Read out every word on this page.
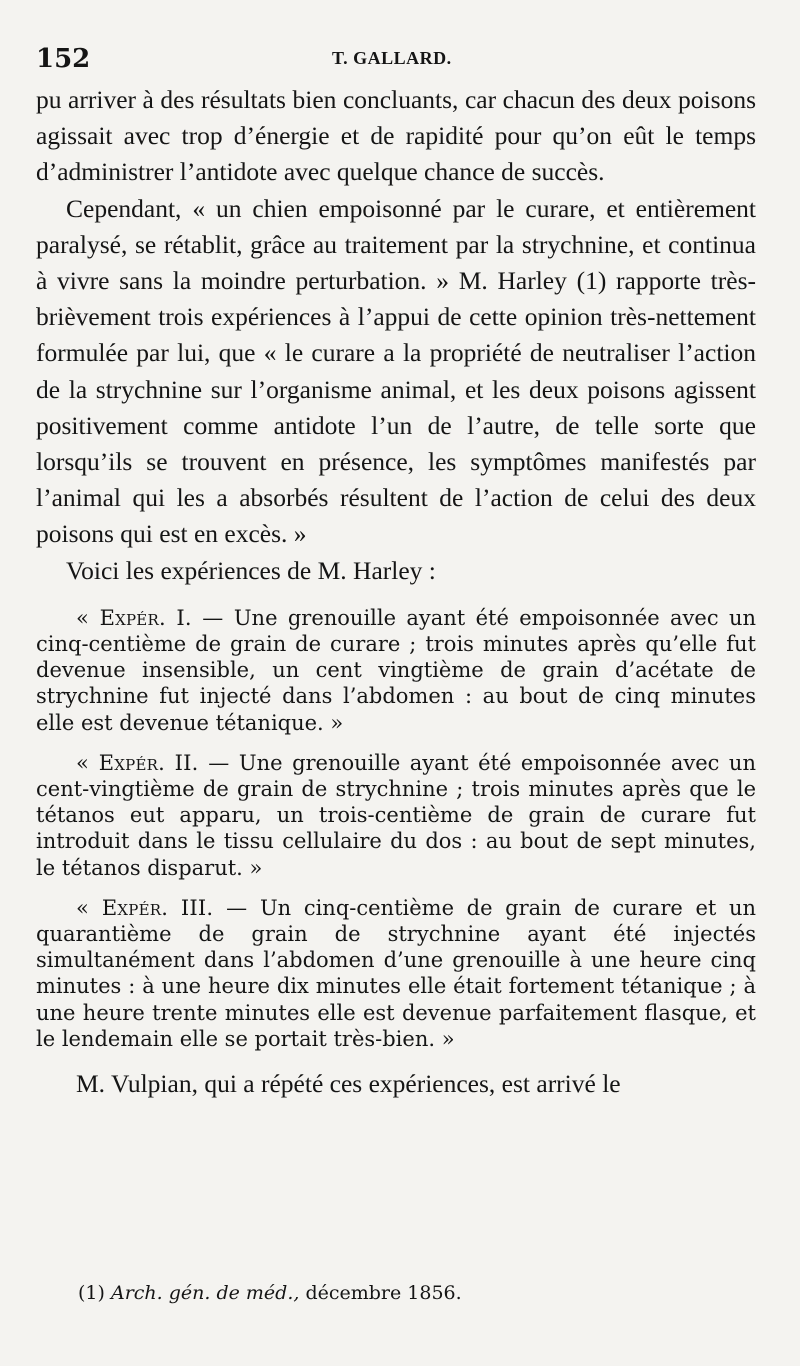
152	T. GALLARD.

pu arriver à des résultats bien concluants, car chacun des deux poisons agissait avec trop d’énergie et de rapidité pour qu’on eût le temps d’administrer l’antidote avec quelque chance de succès.

Cependant, « un chien empoisonné par le curare, et entièrement paralysé, se rétablit, grâce au traitement par la strychnine, et continua à vivre sans la moindre perturbation. » M. Harley (1) rapporte très-brièvement trois expériences à l’appui de cette opinion très-nettement formulée par lui, que « le curare a la propriété de neutraliser l’action de la strychnine sur l’organisme animal, et les deux poisons agissent positivement comme antidote l’un de l’autre, de telle sorte que lorsqu’ils se trouvent en présence, les symptômes manifestés par l’animal qui les a absorbés résultent de l’action de celui des deux poisons qui est en excès. »

Voici les expériences de M. Harley :

« Expér. I. — Une grenouille ayant été empoisonnée avec un cinq-centième de grain de curare ; trois minutes après qu’elle fut devenue insensible, un cent vingtième de grain d’acétate de strychnine fut injecté dans l’abdomen : au bout de cinq minutes elle est devenue tétanique. »

« Expér. II. — Une grenouille ayant été empoisonnée avec un cent-vingtième de grain de strychnine ; trois minutes après que le tétanos eut apparu, un trois-centième de grain de curare fut introduit dans le tissu cellulaire du dos : au bout de sept minutes, le tétanos disparut. »

« Expér. III. — Un cinq-centième de grain de curare et un quarantième de grain de strychnine ayant été injectés simultanément dans l’abdomen d’une grenouille à une heure cinq minutes : à une heure dix minutes elle était fortement tétanique ; à une heure trente minutes elle est devenue parfaitement flasque, et le lendemain elle se portait très-bien. »

M. Vulpian, qui a répété ces expériences, est arrivé le

(1) Arch. gén. de méd., décembre 1856.
